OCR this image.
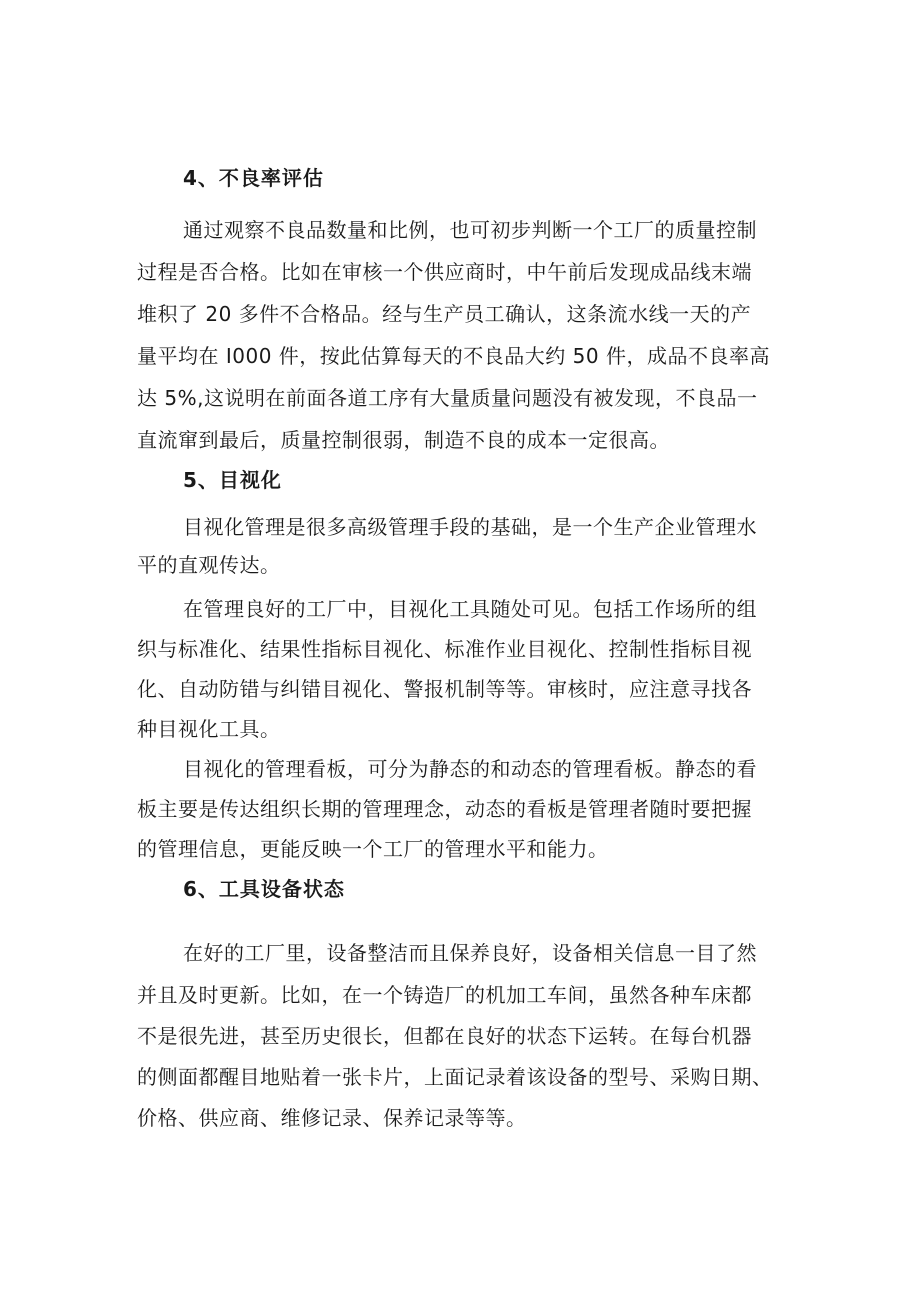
4、不良率评估
通过观察不良品数量和比例，也可初步判断一个工厂的质量控制
过程是否合格。比如在审核一个供应商时，中午前后发现成品线末端
堆积了 20 多件不合格品。经与生产员工确认，这条流水线一天的产
量平均在 I000 件，按此估算每天的不良品大约 50 件，成品不良率高
达 5%,这说明在前面各道工序有大量质量问题没有被发现，不良品一
直流窜到最后，质量控制很弱，制造不良的成本一定很高。
5、目视化
目视化管理是很多高级管理手段的基础，是一个生产企业管理水
平的直观传达。
在管理良好的工厂中，目视化工具随处可见。包括工作场所的组
织与标准化、结果性指标目视化、标准作业目视化、控制性指标目视
化、自动防错与纠错目视化、警报机制等等。审核时，应注意寻找各
种目视化工具。
目视化的管理看板，可分为静态的和动态的管理看板。静态的看
板主要是传达组织长期的管理理念，动态的看板是管理者随时要把握
的管理信息，更能反映一个工厂的管理水平和能力。
6、工具设备状态
在好的工厂里，设备整洁而且保养良好，设备相关信息一目了然
并且及时更新。比如，在一个铸造厂的机加工车间，虽然各种车床都
不是很先进，甚至历史很长，但都在良好的状态下运转。在每台机器
的侧面都醒目地贴着一张卡片，上面记录着该设备的型号、采购日期、
价格、供应商、维修记录、保养记录等等。
